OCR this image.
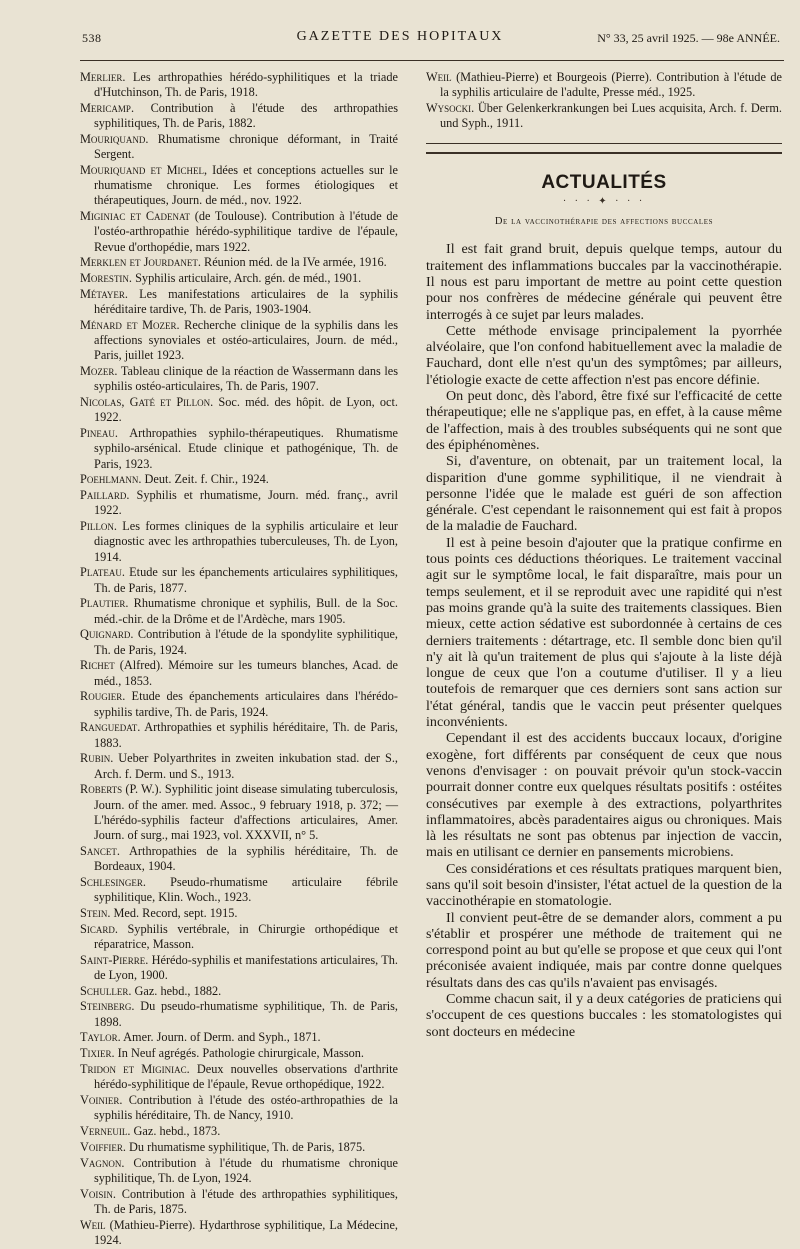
538	GAZETTE DES HOPITAUX	N° 33, 25 avril 1925. — 98e ANNÉE.

Merlier. Les arthropathies hérédo-syphilitiques et la triade d'Hutchinson, Th. de Paris, 1918.

Mericamp. Contribution à l'étude des arthropathies syphilitiques, Th. de Paris, 1882.

Mouriquand. Rhumatisme chronique déformant, in Traité Sergent.

Mouriquand et Michel, Idées et conceptions actuelles sur le rhumatisme chronique. Les formes étiologiques et thérapeutiques, Journ. de méd., nov. 1922.

Miginiac et Cadenat (de Toulouse). Contribution à l'étude de l'ostéo-arthropathie hérédo-syphilitique tardive de l'épaule, Revue d'orthopédie, mars 1922.

Merklen et Jourdanet. Réunion méd. de la IVe armée, 1916.

Morestin. Syphilis articulaire, Arch. gén. de méd., 1901.

Métayer. Les manifestations articulaires de la syphilis héréditaire tardive, Th. de Paris, 1903-1904.

Ménard et Mozer. Recherche clinique de la syphilis dans les affections synoviales et ostéo-articulaires, Journ. de méd., Paris, juillet 1923.

Mozer. Tableau clinique de la réaction de Wassermann dans les syphilis ostéo-articulaires, Th. de Paris, 1907.

Nicolas, Gaté et Pillon. Soc. méd. des hôpit. de Lyon, oct. 1922.

Pineau. Arthropathies syphilo-thérapeutiques. Rhumatisme syphilo-arsénical. Etude clinique et pathogénique, Th. de Paris, 1923.

Poehlmann. Deut. Zeit. f. Chir., 1924.

Paillard. Syphilis et rhumatisme, Journ. méd. franç., avril 1922.

Pillon. Les formes cliniques de la syphilis articulaire et leur diagnostic avec les arthropathies tuberculeuses, Th. de Lyon, 1914.

Plateau. Etude sur les épanchements articulaires syphilitiques, Th. de Paris, 1877.

Plautier. Rhumatisme chronique et syphilis, Bull. de la Soc. méd.-chir. de la Drôme et de l'Ardèche, mars 1905.

Quignard. Contribution à l'étude de la spondylite syphilitique, Th. de Paris, 1924.

Richet (Alfred). Mémoire sur les tumeurs blanches, Acad. de méd., 1853.

Rougier. Etude des épanchements articulaires dans l'hérédo-syphilis tardive, Th. de Paris, 1924.

Ranguedat. Arthropathies et syphilis héréditaire, Th. de Paris, 1883.

Rubin. Ueber Polyarthrites in zweiten inkubation stad. der S., Arch. f. Derm. und S., 1913.

Roberts (P. W.). Syphilitic joint disease simulating tuberculosis, Journ. of the amer. med. Assoc., 9 february 1918, p. 372; — L'hérédo-syphilis facteur d'affections articulaires, Amer. Journ. of surg., mai 1923, vol. XXXVII, n° 5.

Sancet. Arthropathies de la syphilis héréditaire, Th. de Bordeaux, 1904.

Schlesinger. Pseudo-rhumatisme articulaire fébrile syphilitique, Klin. Woch., 1923.

Stein. Med. Record, sept. 1915.

Sicard. Syphilis vertébrale, in Chirurgie orthopédique et réparatrice, Masson.

Saint-Pierre. Hérédo-syphilis et manifestations articulaires, Th. de Lyon, 1900.

Schuller. Gaz. hebd., 1882.

Steinberg. Du pseudo-rhumatisme syphilitique, Th. de Paris, 1898.

Taylor. Amer. Journ. of Derm. and Syph., 1871.

Tixier. In Neuf agrégés. Pathologie chirurgicale, Masson.

Tridon et Miginiac. Deux nouvelles observations d'arthrite hérédo-syphilitique de l'épaule, Revue orthopédique, 1922.

Voinier. Contribution à l'étude des ostéo-arthropathies de la syphilis héréditaire, Th. de Nancy, 1910.

Verneuil. Gaz. hebd., 1873.

Voiffier. Du rhumatisme syphilitique, Th. de Paris, 1875.

Vagnon. Contribution à l'étude du rhumatisme chronique syphilitique, Th. de Lyon, 1924.

Voisin. Contribution à l'étude des arthropathies syphilitiques, Th. de Paris, 1875.

Weil (Mathieu-Pierre). Hydarthrose syphilitique, La Médecine, 1924.

Weil (Mathieu-Pierre) et Bourgeois (Pierre). Contribution à l'étude de la syphilis articulaire de l'adulte, Presse méd., 1925.

Wysocki. Über Gelenkerkrankungen bei Lues acquisita, Arch. f. Derm. und Syph., 1911.

ACTUALITÉS
· · · ✦ · · ·
De la vaccinothérapie des affections buccales

Il est fait grand bruit, depuis quelque temps, autour du traitement des inflammations buccales par la vaccinothérapie. Il nous est paru important de mettre au point cette question pour nos confrères de médecine générale qui peuvent être interrogés à ce sujet par leurs malades.

Cette méthode envisage principalement la pyorrhée alvéolaire, que l'on confond habituellement avec la maladie de Fauchard, dont elle n'est qu'un des symptômes; par ailleurs, l'étiologie exacte de cette affection n'est pas encore définie.

On peut donc, dès l'abord, être fixé sur l'efficacité de cette thérapeutique; elle ne s'applique pas, en effet, à la cause même de l'affection, mais à des troubles subséquents qui ne sont que des épiphénomènes.

Si, d'aventure, on obtenait, par un traitement local, la disparition d'une gomme syphilitique, il ne viendrait à personne l'idée que le malade est guéri de son affection générale. C'est cependant le raisonnement qui est fait à propos de la maladie de Fauchard.

Il est à peine besoin d'ajouter que la pratique confirme en tous points ces déductions théoriques. Le traitement vaccinal agit sur le symptôme local, le fait disparaître, mais pour un temps seulement, et il se reproduit avec une rapidité qui n'est pas moins grande qu'à la suite des traitements classiques. Bien mieux, cette action sédative est subordonnée à certains de ces derniers traitements : détartrage, etc. Il semble donc bien qu'il n'y ait là qu'un traitement de plus qui s'ajoute à la liste déjà longue de ceux que l'on a coutume d'utiliser. Il y a lieu toutefois de remarquer que ces derniers sont sans action sur l'état général, tandis que le vaccin peut présenter quelques inconvénients.

Cependant il est des accidents buccaux locaux, d'origine exogène, fort différents par conséquent de ceux que nous venons d'envisager : on pouvait prévoir qu'un stock-vaccin pourrait donner contre eux quelques résultats positifs : ostéites consécutives par exemple à des extractions, polyarthrites inflammatoires, abcès paradentaires aigus ou chroniques. Mais là les résultats ne sont pas obtenus par injection de vaccin, mais en utilisant ce dernier en pansements microbiens.

Ces considérations et ces résultats pratiques marquent bien, sans qu'il soit besoin d'insister, l'état actuel de la question de la vaccinothérapie en stomatologie.

Il convient peut-être de se demander alors, comment a pu s'établir et prospérer une méthode de traitement qui ne correspond point au but qu'elle se propose et que ceux qui l'ont préconisée avaient indiquée, mais par contre donne quelques résultats dans des cas qu'ils n'avaient pas envisagés.

Comme chacun sait, il y a deux catégories de praticiens qui s'occupent de ces questions buccales : les stomatologistes qui sont docteurs en médecine
